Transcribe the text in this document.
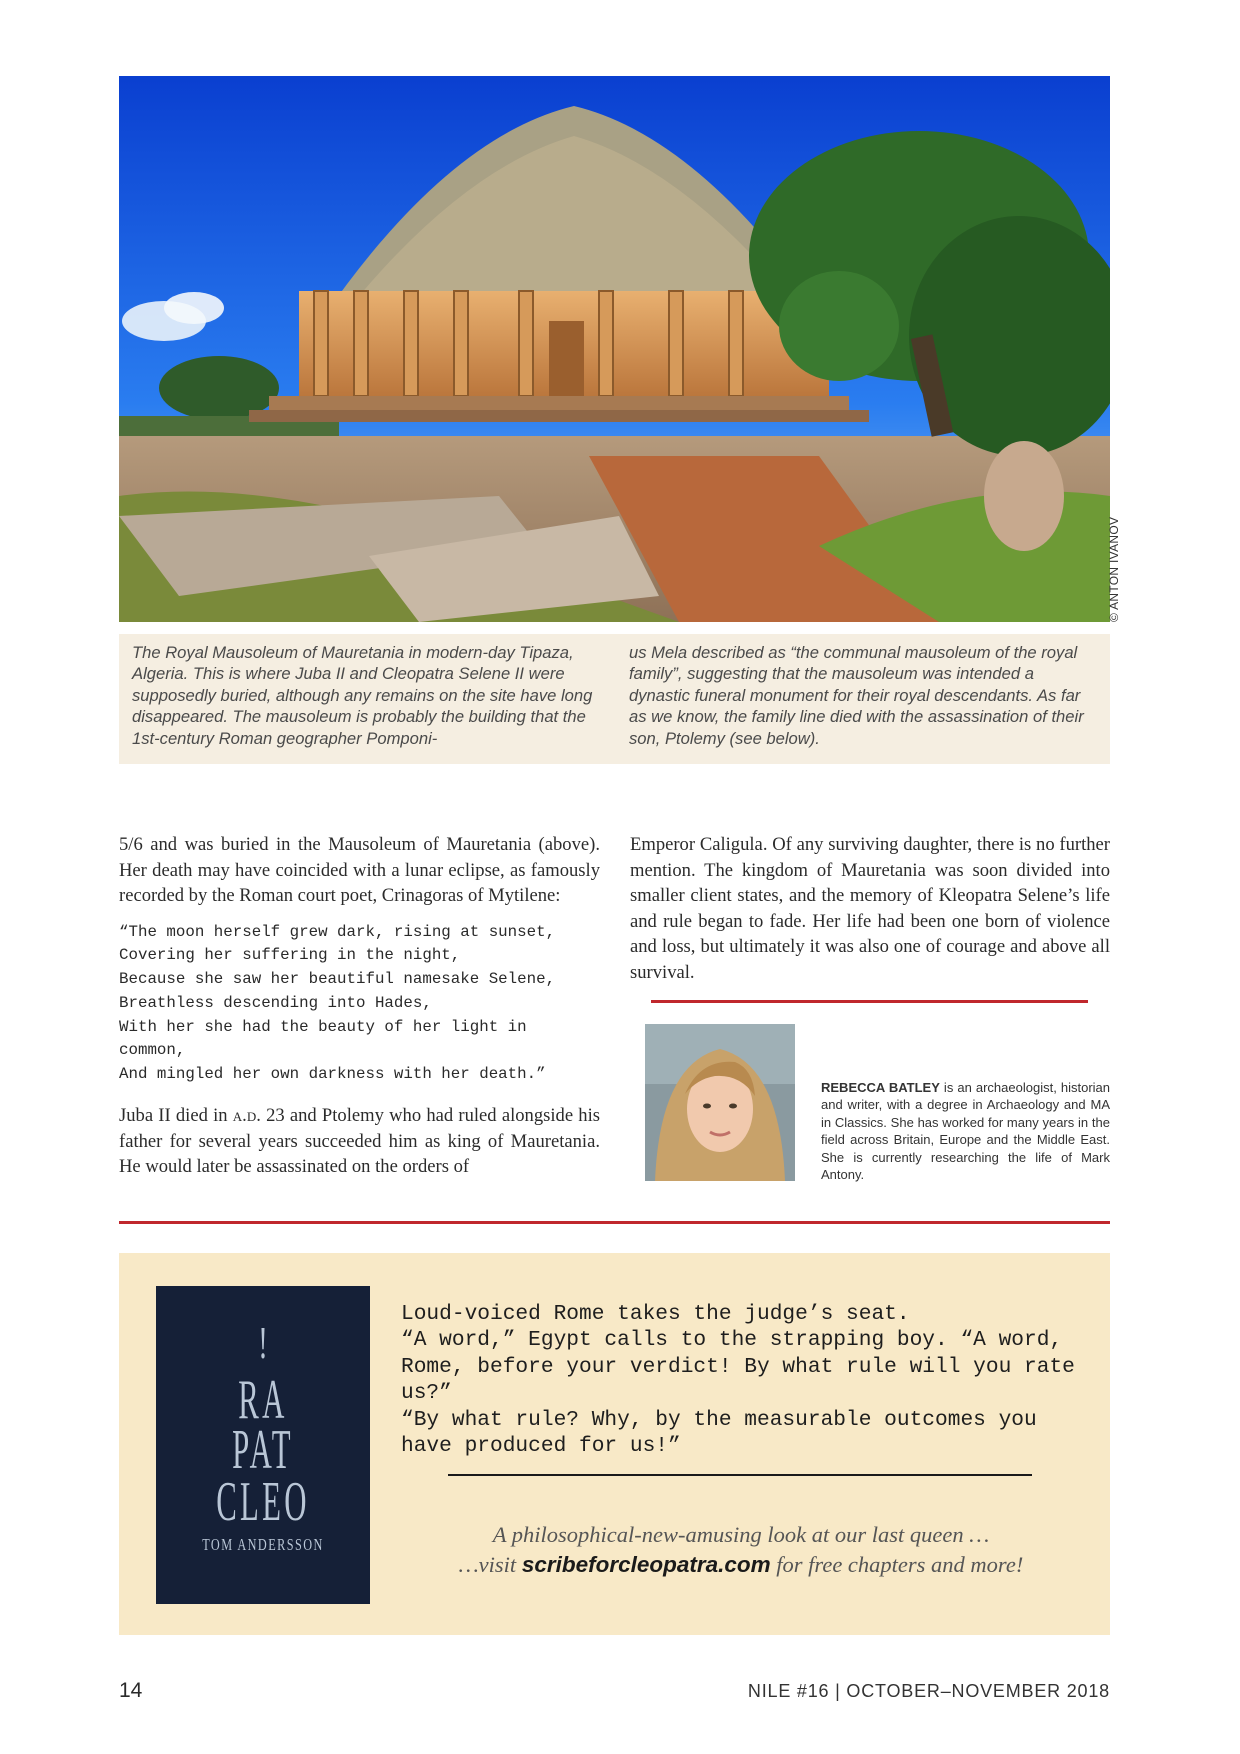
© ANTON IVANOV
The Royal Mausoleum of Mauretania in modern-day Tipaza, Algeria. This is where Juba II and Cleopatra Selene II were supposedly buried, although any remains on the site have long disappeared. The mausoleum is probably the building that the 1st-century Roman geographer Pomponi-
us Mela described as “the communal mausoleum of the royal family”, suggesting that the mausoleum was intended a dynastic funeral monument for their royal descendants. As far as we know, the family line died with the assassination of their son, Ptolemy (see below).

5/6 and was buried in the Mausoleum of Mauretania (above). Her death may have coincided with a lunar eclipse, as famously recorded by the Roman court poet, Crinagoras of Mytilene:

“The moon herself grew dark, rising at sunset,
Covering her suffering in the night,
Because she saw her beautiful namesake Selene,
Breathless descending into Hades,
With her she had the beauty of her light in common,
And mingled her own darkness with her death.”

Juba II died in a.d. 23 and Ptolemy who had ruled alongside his father for several years succeeded him as king of Mauretania. He would later be assassinated on the orders of

Emperor Caligula. Of any surviving daughter, there is no further mention. The kingdom of Mauretania was soon divided into smaller client states, and the memory of Kleopatra Selene’s life and rule began to fade. Her life had been one born of violence and loss, but ultimately it was also one of courage and above all survival.

REBECCA BATLEY is an archaeologist, historian and writer, with a degree in Archaeology and MA in Classics. She has worked for many years in the field across Britain, Europe and the Middle East. She is currently researching the life of Mark Antony.
!
RA
PAT
CLEO
TOM ANDERSSON

Loud-voiced Rome takes the judge’s seat.

“A word,” Egypt calls to the strapping boy. “A word, Rome, before your verdict! By what rule will you rate us?”

“By what rule? Why, by the measurable outcomes you have produced for us!”

A philosophical-new-amusing look at our last queen …
…visit scribeforcleopatra.com for free chapters and more!
14	NILE #16 | OCTOBER–NOVEMBER 2018
